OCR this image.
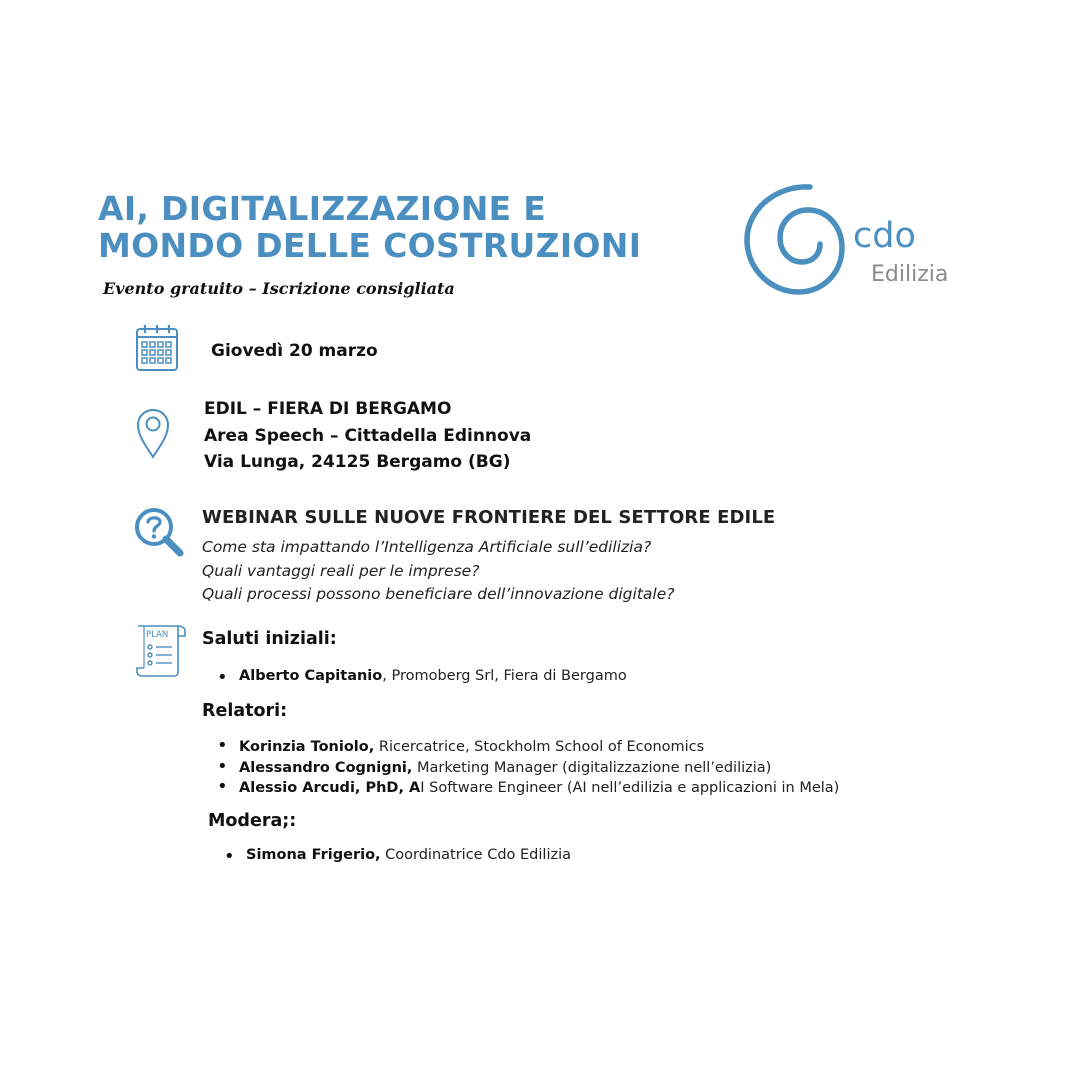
AI, DIGITALIZZAZIONE E
MONDO DELLE COSTRUZIONI
Evento gratuito – Iscrizione consigliata
cdo
Edilizia
Giovedì 20 marzo
EDIL – FIERA DI BERGAMO
Area Speech – Cittadella Edinnova
Via Lunga, 24125 Bergamo (BG)
WEBINAR SULLE NUOVE FRONTIERE DEL SETTORE EDILE
Come sta impattando l’Intelligenza Artificiale sull’edilizia?
Quali vantaggi reali per le imprese?
Quali processi possono beneficiare dell’innovazione digitale?
PLAN Saluti iniziali:
• Alberto Capitanio, Promoberg Srl, Fiera di Bergamo
Relatori:
• Korinzia Toniolo, Ricercatrice, Stockholm School of Economics
• Alessandro Cognigni, Marketing Manager (digitalizzazione nell’edilizia)
• Alessio Arcudi, PhD, AI Software Engineer (AI nell’edilizia e applicazioni in Mela)
Modera;:
• Simona Frigerio, Coordinatrice Cdo Edilizia
